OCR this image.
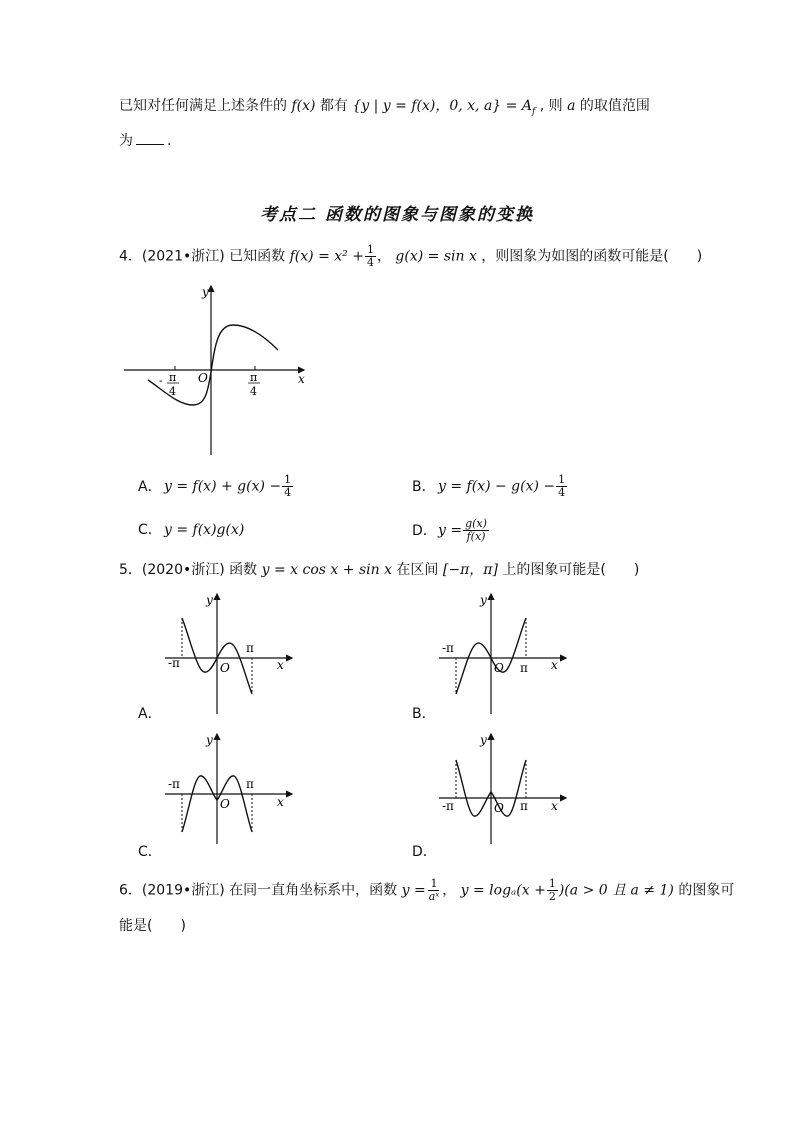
已知对任何满足上述条件的 f(x) 都有 {y | y = f(x)，0, x, $a\} = A_f$ , 则 a 的取值范围
为 .
考点二 函数的图象与图象的变换
4．(2021•浙江) 已知函数 $f(x) = x^2 + \frac{1}{4}$ ， g(x) = sin x ，则图象为如图的函数可能是(　　)
y
x
O
- π
4
π
4
A． $y = f(x) + g(x) - \frac{1}{4}$	B． $y = f(x) - g(x) - \frac{1}{4}$
C． y = f(x)g(x)	D．$y = \frac{g(x)}{f(x)}$
5．(2020•浙江) 函数 y = x cos x + sin x 在区间 [−π，π] 上的图象可能是(　　)
y
x
O
-π
π
A．
y
x
O
-π
π
B．
y
x
O
-π	π
C．
y
x
O
-π	π
D．
6．(2019•浙江) 在同一直角坐标系中，函数 $y = \frac{1}{\text{aˣ}}$ ， $y = \log_a(x + \frac{1}{2} )(a > 0$ 且 a ≠ 1) 的图象可
能是(　　)
